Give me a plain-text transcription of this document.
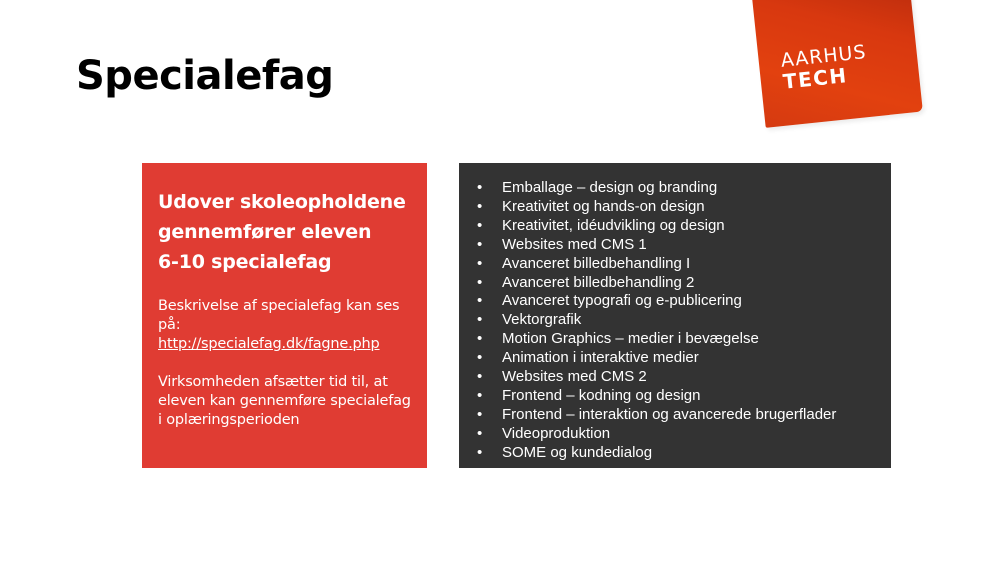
Specialefag	AARHUS
TECH

Udover skoleopholdene
gennemfører eleven
6-10 specialefag

Beskrivelse af specialefag kan ses på:
http://specialefag.dk/fagne.php

Virksomheden afsætter tid til, at eleven kan gennemføre specialefag i oplæringsperioden

• Emballage – design og branding
• Kreativitet og hands-on design
• Kreativitet, idéudvikling og design
• Websites med CMS 1
• Avanceret billedbehandling I
• Avanceret billedbehandling 2
• Avanceret typografi og e-publicering
• Vektorgrafik
• Motion Graphics – medier i bevægelse
• Animation i interaktive medier
• Websites med CMS 2
• Frontend – kodning og design
• Frontend – interaktion og avancerede brugerflader
• Videoproduktion
• SOME og kundedialog
